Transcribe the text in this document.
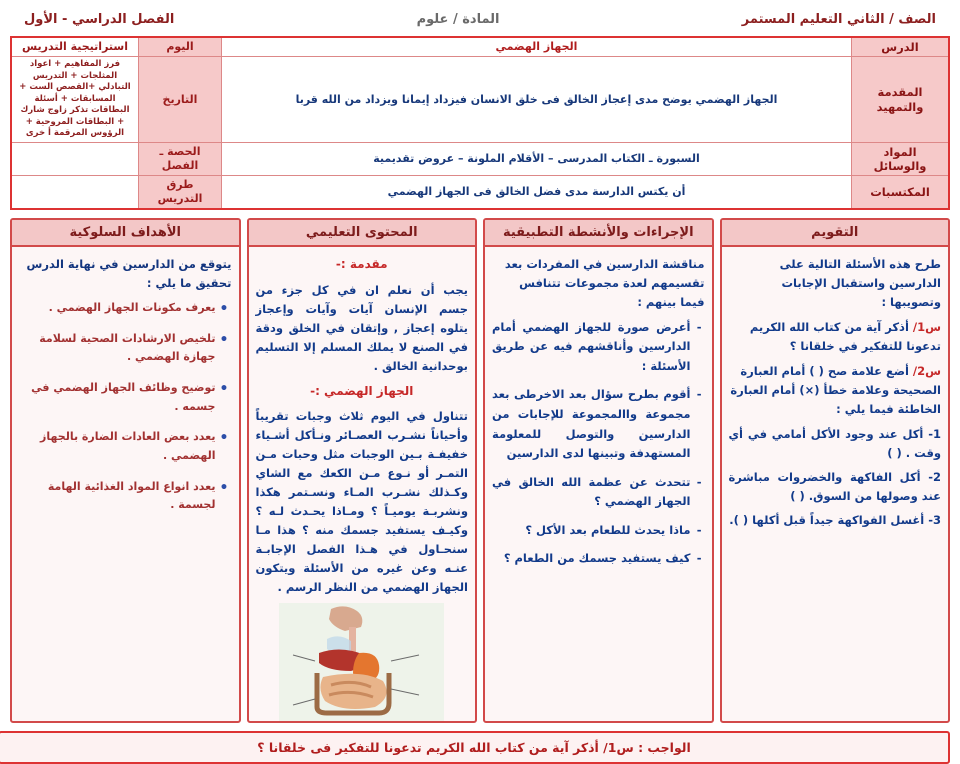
الصف / الثاني التعليم المستمر
المادة / علوم
الفصل الدراسي - الأول
الدرس	الجهاز الهضمي	اليوم	استراتيجية التدريس
المقدمة والتمهيد	الجهاز الهضمي يوضح مدى إعجاز الخالق فى خلق الانسان فيزداد إيمانا ويزداد من الله قربا	التاريخ	فرز المفاهيم + اعواد المثلجات + التدريس التبادلي +القصص الست + المسابقات + أسئلة البطاقات تذكر زاوج شارك + البطاقات المروحية + الرؤوس المرقمة أ خرى
المواد والوسائل	السبورة ـ الكتاب المدرسى – الأقلام الملونة – عروض تقديمية	الحصة ـ الفصل	
المكتسبات	أن يكتس الدارسة مدى فضل الخالق فى الجهاز الهضمي	طرق التدريس	
التقويم

طرح هذه الأسئلة التالية على الدارسين واستقبال الإجابات وتصويبها :

س1/ أذكر آية من كتاب الله الكريم تدعونا للتفكير في خلقانا ؟

س2/ أضع علامة صح ( ) أمام العبارة الصحيحة وعلامة خطأ (×) أمام العبارة الخاطئة فيما يلي :

1- أكل عند وجود الأكل أمامي في أي وقت . ( )
2- أكل الفاكهة والخضروات مباشرة عند وصولها من السوق. ( )
3- أغسل الفواكهة جيداً قبل أكلها ( ).
الإجراءات والأنشطة التطبيقية

مناقشة الدارسين في المفردات بعد تقسيمهم لعدة مجموعات تتنافس فيما بينهم :

- أعرض صورة للجهاز الهضمي أمام الدارسين وأناقشهم فيه عن طريق الأسئلة :
- أقوم بطرح سؤال بعد الاخرطى بعد مجموعة واالمجموعة للإجابات من الدارسين والتوصل للمعلومة المستهدفة وتبينها لدى الدارسين
- تتحدث عن عظمة الله الخالق في الجهاز الهضمي ؟
- ماذا يحدث للطعام بعد الأكل ؟
- كيف يستفيد جسمك من الطعام ؟
المحتوى التعليمي

مقدمة :-

يجب أن نعلم ان في كل جزء من جسم الإنسان آيات وآيات وإعجاز يتلوه إعجاز , وإتقان في الخلق ودقة في الصنع لا يملك المسلم إلا التسليم بوحدانية الخالق .

الجهاز الهضمي :-

تتناول في اليوم ثلاث وجبات تقريباً وأحياناً نشـرب العصـائر ونـأكل أشـياء خفيفـة بـين الوجبات مثل وحبات مـن التمـر أو نـوع مـن الكعك مع الشاي وكـذلك نشـرب المـاء ونسـتمر هكذا ونشربـة يوميـاً ؟ ومـاذا يحـدث لـه ؟ وكيـف يستفيد جسمك منه ؟ هذا مـا سنحـاول في هـذا الفصل الإجابـة عنـه وعن غيره من الأسئلة ويتكون الجهاز الهضمي من النظر الرسم .

الأهداف السلوكية

يتوقع من الدارسين في نهاية الدرس تحقيق ما يلي :

• يعرف مكونات الجهاز الهضمي .
• تلخيص الارشادات الصحية لسلامة جهازة الهضمي .
• توضيح وظائف الجهاز الهضمي في جسمه .
• يعدد بعض العادات الضارة بالجهاز الهضمي .
• يعدد انواع المواد الغذائية الهامة لجسمة .
الواجب : س1/ أذكر آية من كتاب الله الكريم تدعونا للتفكير فى خلقانا ؟
